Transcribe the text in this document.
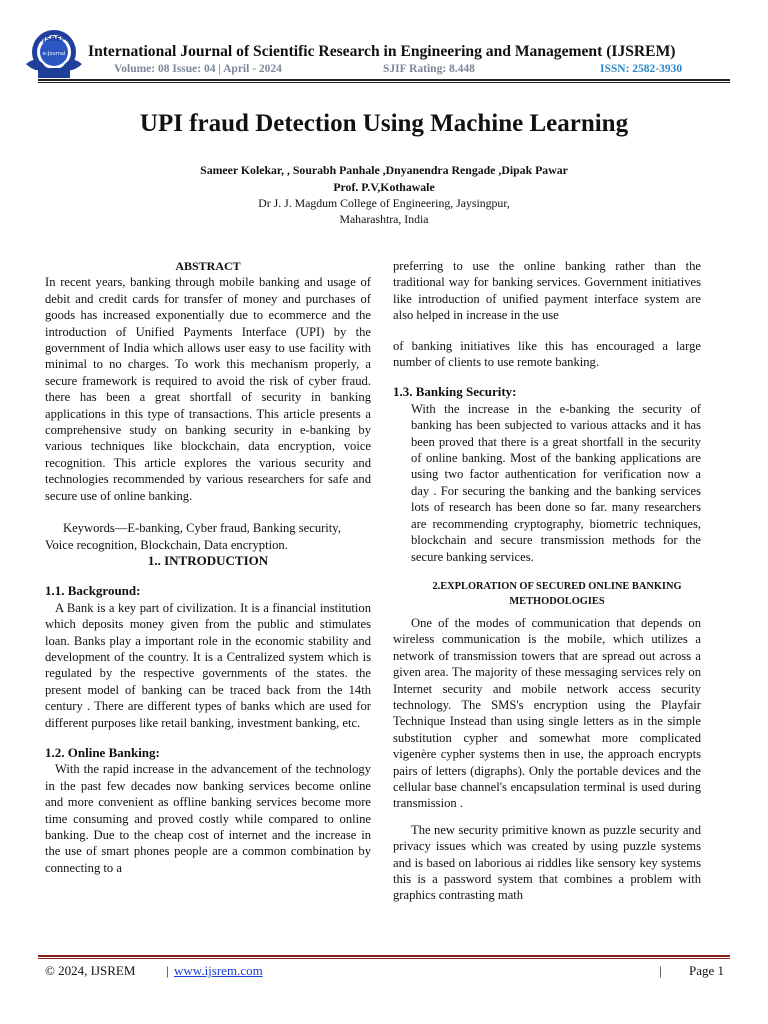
IJSREM
e-Journal International Journal of Scientific Research in Engineering and Management (IJSREM)
Volume: 08 Issue: 04 | April - 2024	SJIF Rating: 8.448	ISSN: 2582-3930
UPI fraud Detection Using Machine Learning
Sameer Kolekar, , Sourabh Panhale ,Dnyanendra Rengade ,Dipak Pawar
Prof. P.V,Kothawale
Dr J. J. Magdum College of Engineering, Jaysingpur,
Maharashtra, India

ABSTRACT

In recent years, banking through mobile banking and usage of debit and credit cards for transfer of money and purchases of goods has increased exponentially due to ecommerce and the introduction of Unified Payments Interface (UPI) by the government of India which allows user easy to use facility with minimal to no charges. To work this mechanism properly, a secure framework is required to avoid the risk of cyber fraud. there has been a great shortfall of security in banking applications in this type of transactions. This article presents a comprehensive study on banking security in e-banking by various techniques like blockchain, data encryption, voice recognition. This article explores the various security and technologies recommended by various researchers for safe and secure use of online banking.

Keywords—E-banking, Cyber fraud, Banking security, Voice recognition, Blockchain, Data encryption.

1.. INTRODUCTION

1.1. Background:

A Bank is a key part of civilization. It is a financial institution which deposits money given from the public and stimulates loan. Banks play a important role in the economic stability and development of the country. It is a Centralized system which is regulated by the respective governments of the states. the present model of banking can be traced back from the 14th century . There are different types of banks which are used for different purposes like retail banking, investment banking, etc.

1.2. Online Banking:

With the rapid increase in the advancement of the technology in the past few decades now banking services become online and more convenient as offline banking services become more time consuming and proved costly while compared to online banking. Due to the cheap cost of internet and the increase in the use of smart phones people are a common combination by connecting to a

preferring to use the online banking rather than the traditional way for banking services. Government initiatives like introduction of unified payment interface system are also helped in increase in the use

of banking initiatives like this has encouraged a large number of clients to use remote banking.

1.3. Banking Security:

With the increase in the e-banking the security of banking has been subjected to various attacks and it has been proved that there is a great shortfall in the security of online banking. Most of the banking applications are using two factor authentication for verification now a day . For securing the banking and the banking services lots of research has been done so far. many researchers are recommending cryptography, biometric techniques, blockchain and secure transmission methods for the secure banking services.

2.EXPLORATION OF SECURED ONLINE BANKING
METHODOLOGIES

One of the modes of communication that depends on wireless communication is the mobile, which utilizes a network of transmission towers that are spread out across a given area. The majority of these messaging services rely on Internet security and mobile network access security technology. The SMS's encryption using the Playfair Technique Instead than using single letters as in the simple substitution cypher and somewhat more complicated vigenère cypher systems then in use, the approach encrypts pairs of letters (digraphs). Only the portable devices and the cellular base channel's encapsulation terminal is used during transmission .

The new security primitive known as puzzle security and privacy issues which was created by using puzzle systems and is based on laborious ai riddles like sensory key systems this is a password system that combines a problem with graphics contrasting math

© 2024, IJSREM | www.ijsrem.com	| Page 1
